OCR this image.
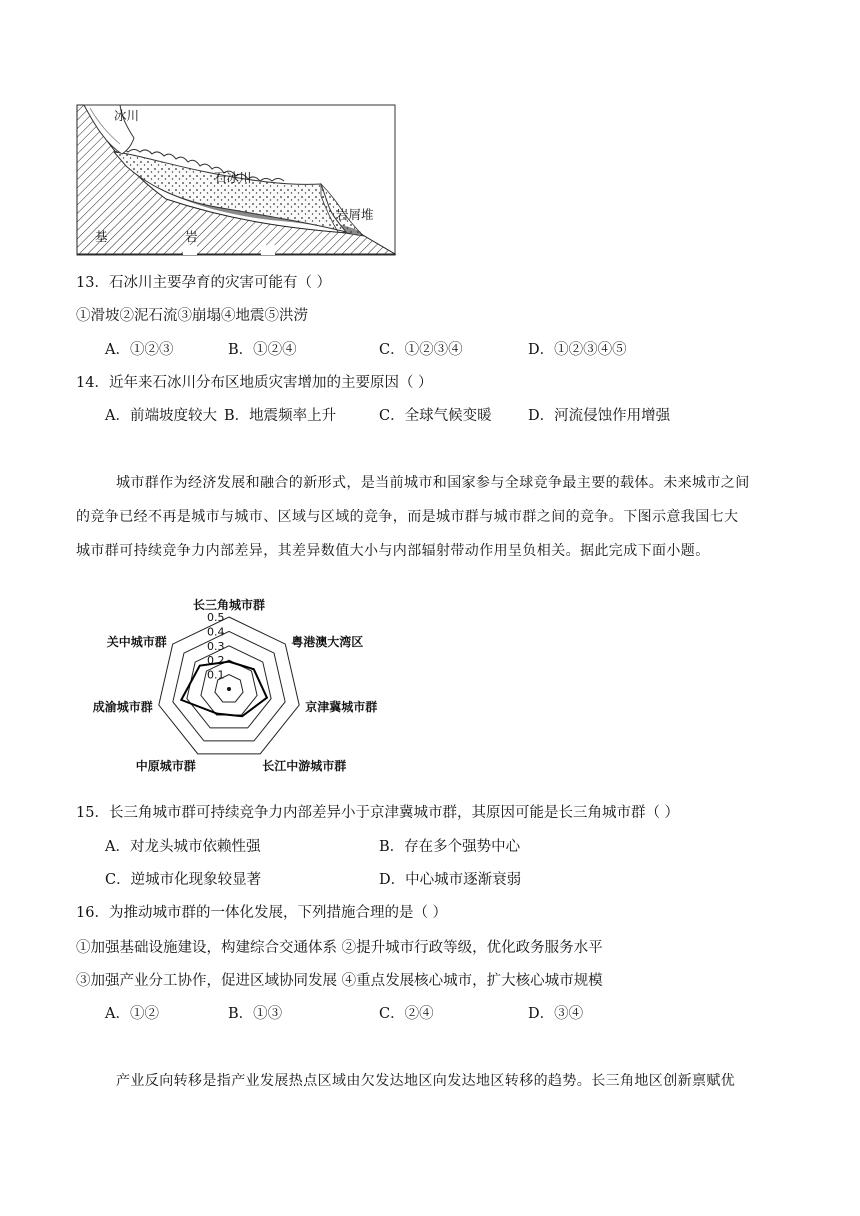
冰川
石冰川
岩屑堆
基	岩
13．石冰川主要孕育的灾害可能有（ ）
①滑坡②泥石流③崩塌④地震⑤洪涝
A．①②③	B．①②④	C．①②③④	D．①②③④⑤
14．近年来石冰川分布区地质灾害增加的主要原因（ ）
A．前端坡度较大 B．地震频率上升	C．全球气候变暖	D．河流侵蚀作用增强
城市群作为经济发展和融合的新形式，是当前城市和国家参与全球竞争最主要的载体。未来城市之间
的竞争已经不再是城市与城市、区域与区域的竞争，而是城市群与城市群之间的竞争。下图示意我国七大
城市群可持续竞争力内部差异，其差异数值大小与内部辐射带动作用呈负相关。据此完成下面小题。
0.1
0.2
0.3
0.4
0.5
长三角城市群
粤港澳大湾区
京津冀城市群
长江中游城市群
中原城市群
成渝城市群
关中城市群
15．长三角城市群可持续竞争力内部差异小于京津冀城市群，其原因可能是长三角城市群（ ）
A．对龙头城市依赖性强	B．存在多个强势中心
C．逆城市化现象较显著	D．中心城市逐渐衰弱
16．为推动城市群的一体化发展，下列措施合理的是（ ）
①加强基础设施建设，构建综合交通体系 ②提升城市行政等级，优化政务服务水平
③加强产业分工协作，促进区域协同发展 ④重点发展核心城市，扩大核心城市规模
A．①②	B．①③	C．②④	D．③④
产业反向转移是指产业发展热点区域由欠发达地区向发达地区转移的趋势。长三角地区创新禀赋优
